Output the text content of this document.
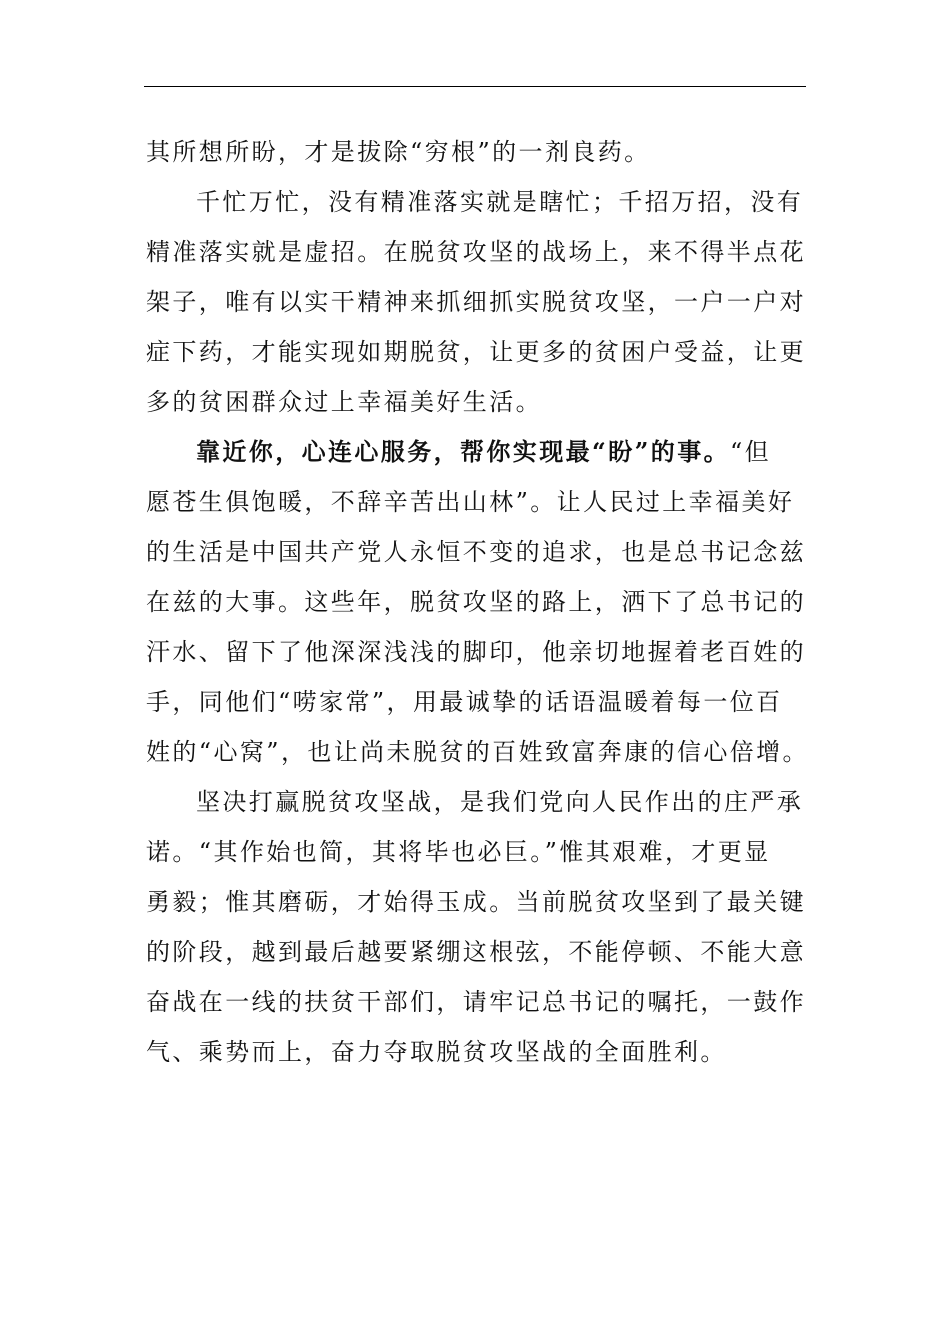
其所想所盼，才是拔除“穷根”的一剂良药。
千忙万忙，没有精准落实就是瞎忙；千招万招，没有
精准落实就是虚招。在脱贫攻坚的战场上，来不得半点花
架子，唯有以实干精神来抓细抓实脱贫攻坚，一户一户对
症下药，才能实现如期脱贫，让更多的贫困户受益，让更
多的贫困群众过上幸福美好生活。
靠近你，心连心服务，帮你实现最“盼”的事。“但
愿苍生俱饱暖，不辞辛苦出山林”。让人民过上幸福美好
的生活是中国共产党人永恒不变的追求，也是总书记念兹
在兹的大事。这些年，脱贫攻坚的路上，洒下了总书记的
汗水、留下了他深深浅浅的脚印，他亲切地握着老百姓的
手，同他们“唠家常”，用最诚挚的话语温暖着每一位百
姓的“心窝”，也让尚未脱贫的百姓致富奔康的信心倍增。
坚决打赢脱贫攻坚战，是我们党向人民作出的庄严承
诺。“其作始也简，其将毕也必巨。”惟其艰难，才更显
勇毅；惟其磨砺，才始得玉成。当前脱贫攻坚到了最关键
的阶段，越到最后越要紧绷这根弦，不能停顿、不能大意
奋战在一线的扶贫干部们，请牢记总书记的嘱托，一鼓作
气、乘势而上，奋力夺取脱贫攻坚战的全面胜利。
